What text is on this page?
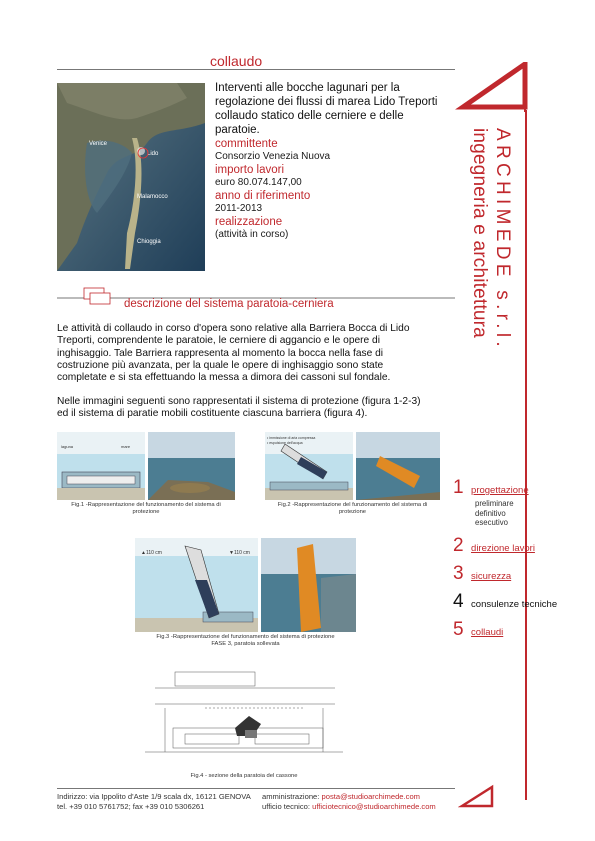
collaudo
Venice
Lido
Malamocco
Chioggia
Interventi alle bocche lagunari per la regolazione dei flussi di marea Lido Treporti collaudo statico delle cerniere e delle paratoie.
committente
Consorzio Venezia Nuova
importo lavori
euro 80.074.147,00
anno di riferimento
2011-2013
realizzazione
(attività in corso)
descrizione del sistema paratoia-cerniera
Le attività di collaudo in corso d'opera sono relative alla Barriera Bocca di Lido Treporti, comprendente le paratoie, le cerniere di aggancio e le opere di inghisaggio. Tale Barriera rappresenta al momento la bocca nella fase di costruzione più avanzata, per la quale le opere di inghisaggio sono state completate e si sta effettuando la messa a dimora dei cassoni sul fondale.
Nelle immagini seguenti sono rappresentati il sistema di protezione (figura 1-2-3) ed il sistema di paratie mobili costituente ciascuna barriera (figura 4).
laguna	mare
Fig.1 -Rappresentazione del funzionamento del sistema di protezione
• immissione di aria compressa
• espulsione dell'acqua
Fig.2 -Rappresentazione del funzionamento del sistema di protezione
▲110 cm	▼110 cm
Fig.3 -Rappresentazione del funzionamento del sistema di protezione
FASE 3, paratoia sollevata
Fig.4 - sezione della paratoia del cassone
ARCHIMEDE s.r.l.
ingegneria e architettura
1 progettazione
preliminare
definitivo
esecutivo
2 direzione lavori
3 sicurezza
4 consulenze tecniche
5 collaudi
Indirizzo: via Ippolito d'Aste 1/9 scala dx, 16121 GENOVA
tel. +39 010 5761752; fax +39 010 5306261
amministrazione: posta@studioarchimede.com
ufficio tecnico: ufficiotecnico@studioarchimede.com
